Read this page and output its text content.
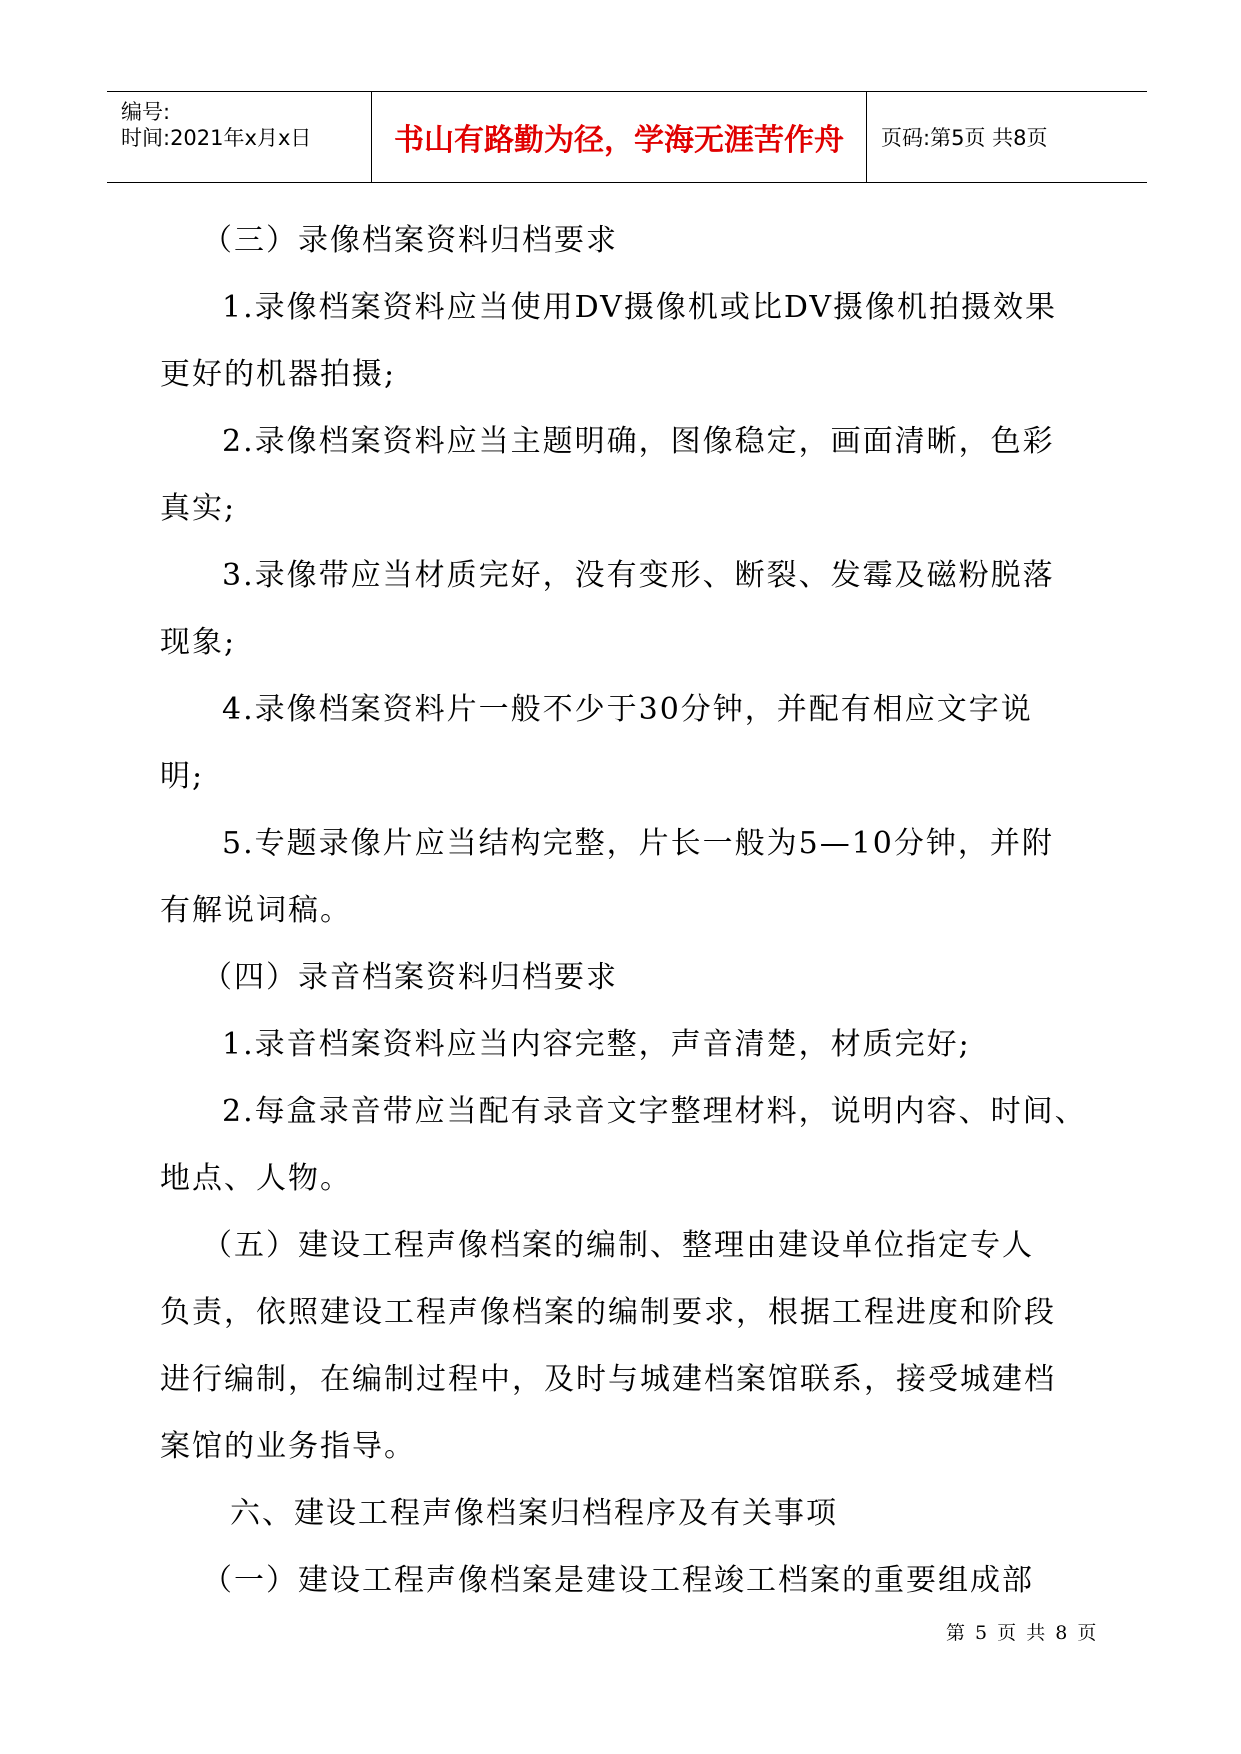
编号:
时间:2021年x月x日	书山有路勤为径，学海无涯苦作舟	页码:第5页 共8页
（三）录像档案资料归档要求
1.录像档案资料应当使用DV摄像机或比DV摄像机拍摄效果
更好的机器拍摄;
2.录像档案资料应当主题明确，图像稳定，画面清晰，色彩
真实;
3.录像带应当材质完好，没有变形、断裂、发霉及磁粉脱落
现象;
4.录像档案资料片一般不少于30分钟，并配有相应文字说
明;
5.专题录像片应当结构完整，片长一般为5—10分钟，并附
有解说词稿。
（四）录音档案资料归档要求
1.录音档案资料应当内容完整，声音清楚，材质完好;
2.每盒录音带应当配有录音文字整理材料，说明内容、时间、
地点、人物。
（五）建设工程声像档案的编制、整理由建设单位指定专人
负责，依照建设工程声像档案的编制要求，根据工程进度和阶段
进行编制，在编制过程中，及时与城建档案馆联系，接受城建档
案馆的业务指导。
六、建设工程声像档案归档程序及有关事项
（一）建设工程声像档案是建设工程竣工档案的重要组成部
第 5 页 共 8 页
